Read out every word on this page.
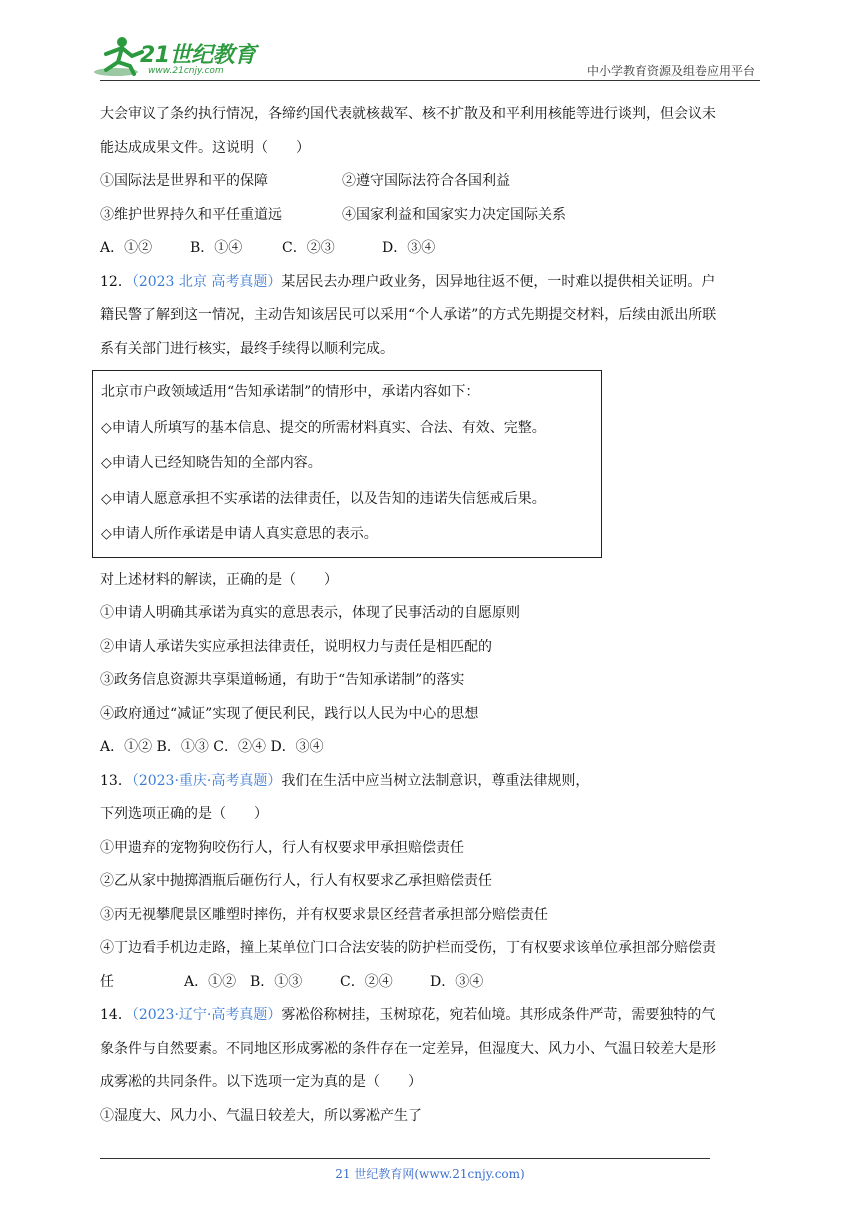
21世纪教育
www.21cnjy.com	中小学教育资源及组卷应用平台
大会审议了条约执行情况，各缔约国代表就核裁军、核不扩散及和平利用核能等进行谈判，但会议未
能达成成果文件。这说明（　　）
①国际法是世界和平的保障	②遵守国际法符合各国利益
③维护世界持久和平任重道远	④国家利益和国家实力决定国际关系
A．①②	B．①④	C．②③	D．③④
12．（2023 北京 高考真题）某居民去办理户政业务，因异地往返不便，一时难以提供相关证明。户
籍民警了解到这一情况，主动告知该居民可以采用“个人承诺”的方式先期提交材料，后续由派出所联
系有关部门进行核实，最终手续得以顺利完成。
北京市户政领域适用“告知承诺制”的情形中，承诺内容如下：
◇申请人所填写的基本信息、提交的所需材料真实、合法、有效、完整。
◇申请人已经知晓告知的全部内容。
◇申请人愿意承担不实承诺的法律责任，以及告知的违诺失信惩戒后果。
◇申请人所作承诺是申请人真实意思的表示。
对上述材料的解读，正确的是（　　）
①申请人明确其承诺为真实的意思表示，体现了民事活动的自愿原则
②申请人承诺失实应承担法律责任，说明权力与责任是相匹配的
③政务信息资源共享渠道畅通，有助于“告知承诺制”的落实
④政府通过“减证”实现了便民利民，践行以人民为中心的思想
A．①② B．①③ C．②④ D．③④
13．（2023·重庆·高考真题）我们在生活中应当树立法制意识，尊重法律规则，
下列选项正确的是（　　）
①甲遗弃的宠物狗咬伤行人，行人有权要求甲承担赔偿责任
②乙从家中抛掷酒瓶后砸伤行人，行人有权要求乙承担赔偿责任
③丙无视攀爬景区雕塑时摔伤，并有权要求景区经营者承担部分赔偿责任
④丁边看手机边走路，撞上某单位门口合法安装的防护栏而受伤，丁有权要求该单位承担部分赔偿责
任	A．①② B．①③	C．②④	D．③④
14．（2023·辽宁·高考真题）雾凇俗称树挂，玉树琼花，宛若仙境。其形成条件严苛，需要独特的气
象条件与自然要素。不同地区形成雾凇的条件存在一定差异，但湿度大、风力小、气温日较差大是形
成雾凇的共同条件。以下选项一定为真的是（　　）
①湿度大、风力小、气温日较差大，所以雾凇产生了
21 世纪教育网(www.21cnjy.com)
